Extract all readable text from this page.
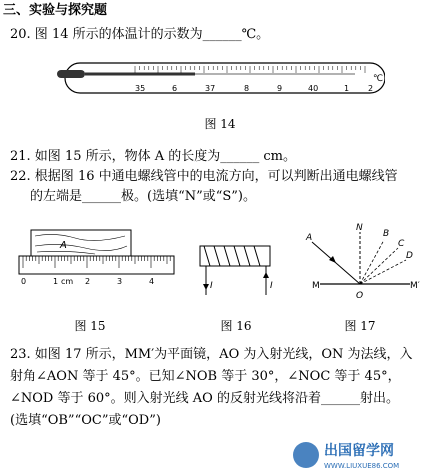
三、实验与探究题
20. 图 14 所示的体温计的示数为______℃。
35	6	37	8	9	40	1 2
℃
图 14
21. 如图 15 所示，物体 A 的长度为______ cm。
22. 根据图 16 中通电螺线管中的电流方向，可以判断出通电螺线管
的左端是______极。(选填“N”或“S”)。
A
0	1 cm 2	3	4
图 15
I	I
图 16
A
N
B
C
D
M
O
M′
图 17
23. 如图 17 所示，MM′为平面镜，AO 为入射光线，ON 为法线，入
射角∠AON 等于 45°。已知∠NOB 等于 30°，∠NOC 等于 45°，
∠NOD 等于 60°。则入射光线 AO 的反射光线将沿着______射出。
(选填“OB”“OC”或“OD”)
出国留学网
WWW.LIUXUE86.COM
